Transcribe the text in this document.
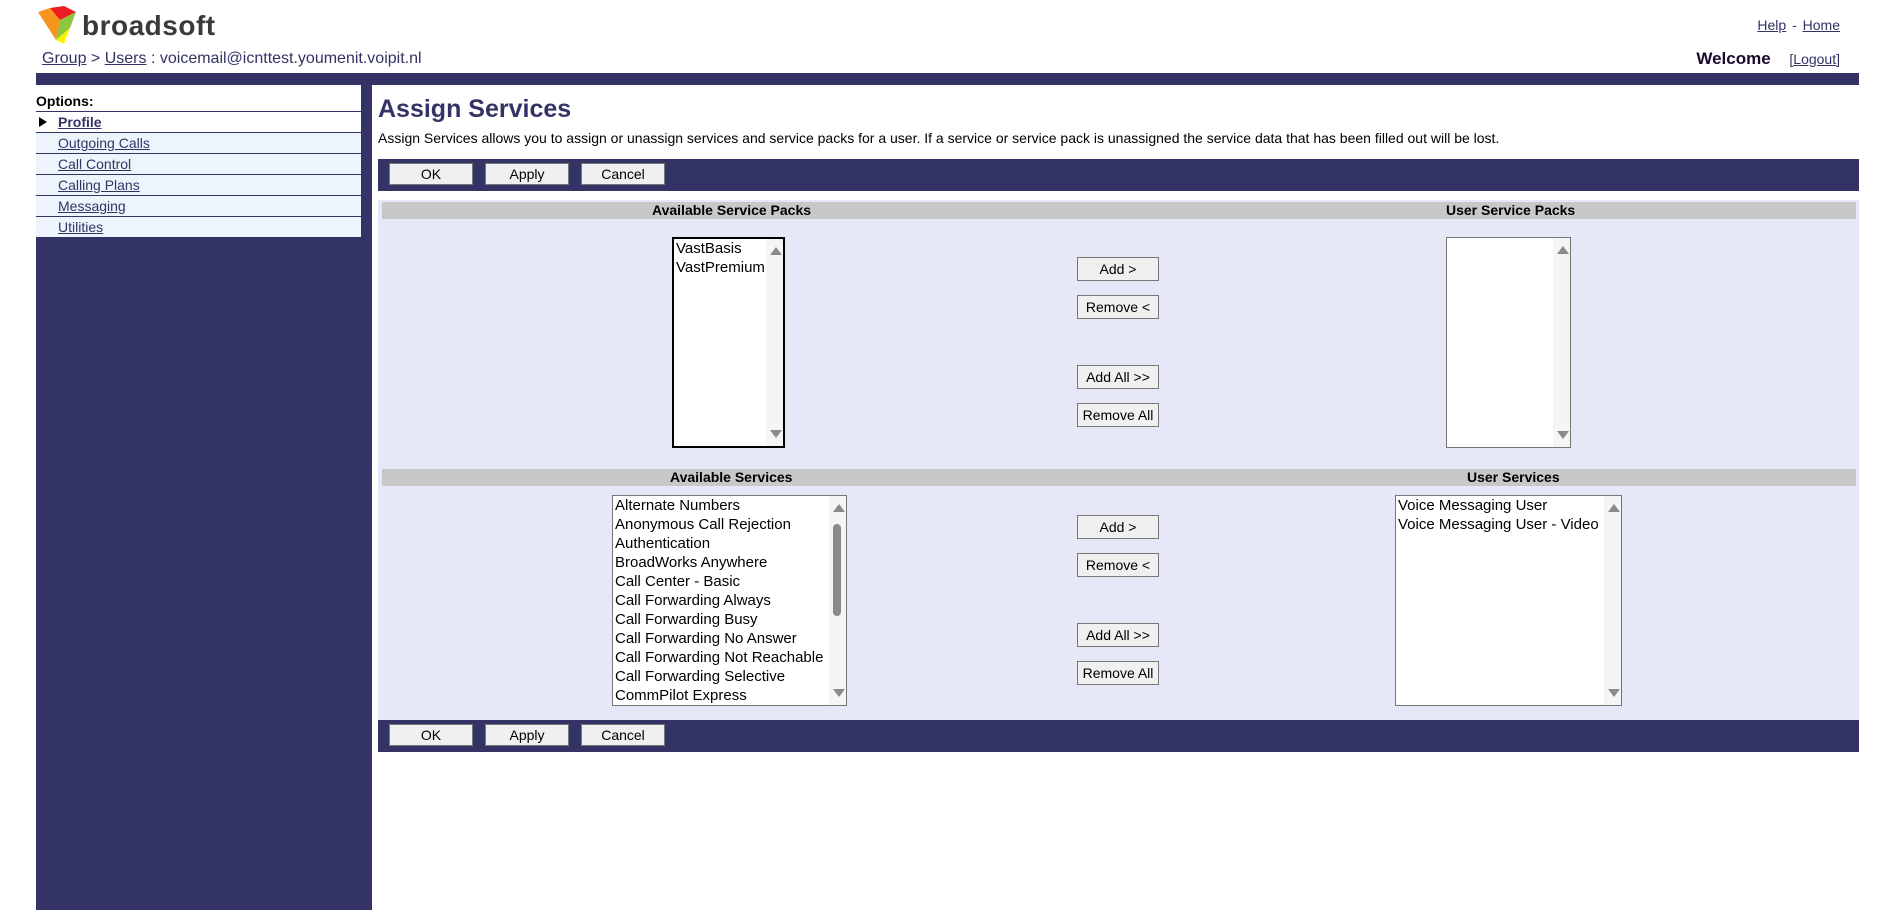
broadsoft	Help - Home
Group > Users : voicemail@icnttest.youmenit.voipit.nl	Welcome [Logout]
Options:
Profile
Outgoing Calls
Call Control
Calling Plans
Messaging
Utilities
Assign Services
Assign Services allows you to assign or unassign services and service packs for a user. If a service or service pack is unassigned the service data that has been filled out will be lost.
OK	Apply	Cancel
Available Service Packs	User Service Packs
VastBasis
VastPremium	Add >
Remove <
Add All >>
Remove All
Available Services	User Services
Alternate Numbers
Anonymous Call Rejection
Authentication
BroadWorks Anywhere
Call Center - Basic
Call Forwarding Always
Call Forwarding Busy
Call Forwarding No Answer
Call Forwarding Not Reachable
Call Forwarding Selective
CommPilot Express
Add >
Remove <
Add All >>
Remove All
Voice Messaging User
Voice Messaging User - Video
OK	Apply	Cancel
